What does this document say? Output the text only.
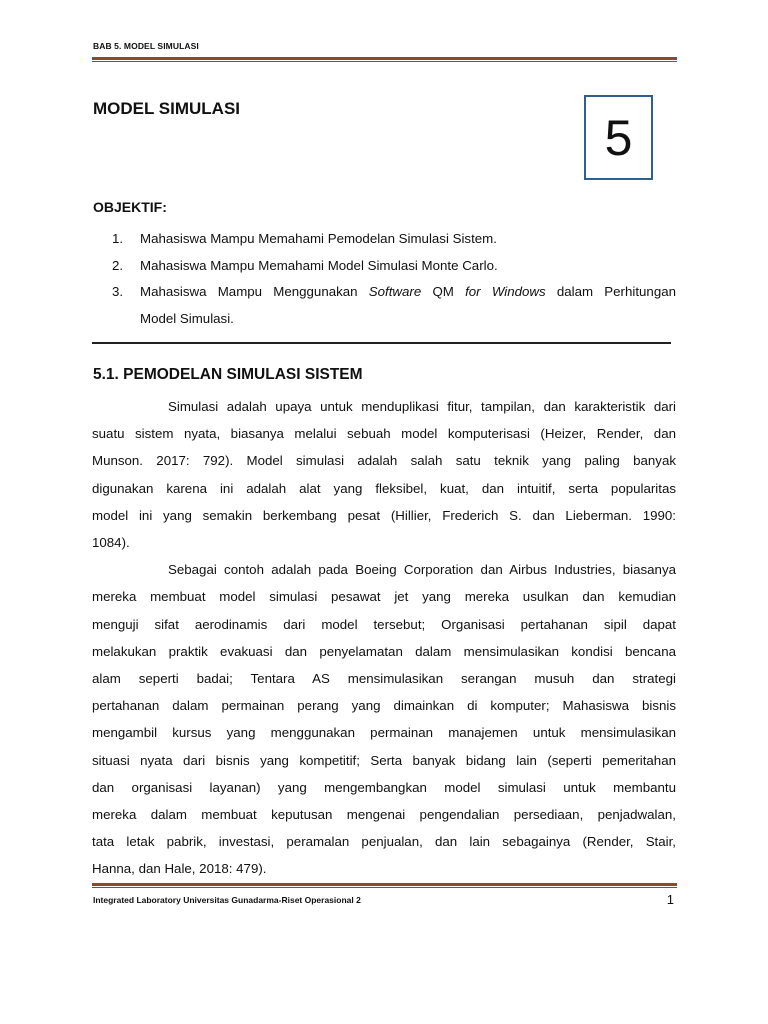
BAB 5. MODEL SIMULASI
MODEL SIMULASI
5
OBJEKTIF:
1. Mahasiswa Mampu Memahami Pemodelan Simulasi Sistem.
2. Mahasiswa Mampu Memahami Model Simulasi Monte Carlo.
3. Mahasiswa Mampu Menggunakan Software QM for Windows dalam Perhitungan
Model Simulasi.
5.1. PEMODELAN SIMULASI SISTEM

Simulasi adalah upaya untuk menduplikasi fitur, tampilan, dan karakteristik dari
suatu sistem nyata, biasanya melalui sebuah model komputerisasi (Heizer, Render, dan
Munson. 2017: 792). Model simulasi adalah salah satu teknik yang paling banyak
digunakan karena ini adalah alat yang fleksibel, kuat, dan intuitif, serta popularitas
model ini yang semakin berkembang pesat (Hillier, Frederich S. dan Lieberman. 1990:
1084).

Sebagai contoh adalah pada Boeing Corporation dan Airbus Industries, biasanya
mereka membuat model simulasi pesawat jet yang mereka usulkan dan kemudian
menguji sifat aerodinamis dari model tersebut; Organisasi pertahanan sipil dapat
melakukan praktik evakuasi dan penyelamatan dalam mensimulasikan kondisi bencana
alam seperti badai; Tentara AS mensimulasikan serangan musuh dan strategi
pertahanan dalam permainan perang yang dimainkan di komputer; Mahasiswa bisnis
mengambil kursus yang menggunakan permainan manajemen untuk mensimulasikan
situasi nyata dari bisnis yang kompetitif; Serta banyak bidang lain (seperti pemeritahan
dan organisasi layanan) yang mengembangkan model simulasi untuk membantu
mereka dalam membuat keputusan mengenai pengendalian persediaan, penjadwalan,
tata letak pabrik, investasi, peramalan penjualan, dan lain sebagainya (Render, Stair,
Hanna, dan Hale, 2018: 479).

Integrated Laboratory Universitas Gunadarma-Riset Operasional 2	1
